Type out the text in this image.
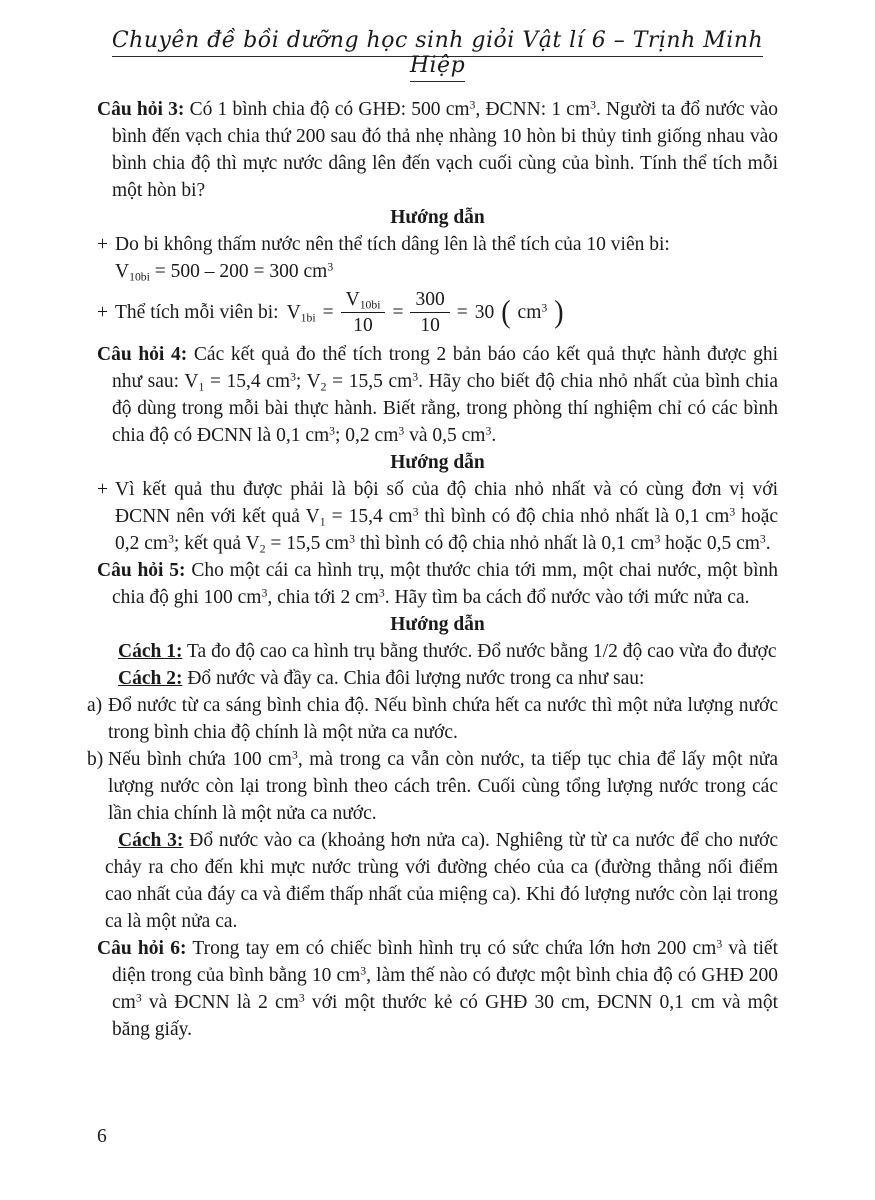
Chuyên đề bồi dưỡng học sinh giỏi Vật lí 6 – Trịnh Minh Hiệp

Câu hỏi 3: Có 1 bình chia độ có GHĐ: 500 $cm^3$, ĐCNN: 1 $cm^3$. Người ta đổ nước vào bình đến vạch chia thứ 200 sau đó thả nhẹ nhàng 10 hòn bi thủy tinh giống nhau vào bình chia độ thì mực nước dâng lên đến vạch cuối cùng của bình. Tính thể tích mỗi một hòn bi?

Hướng dẫn

+ Do bi không thấm nước nên thể tích dâng lên là thể tích của 10 viên bi:

$V_{10bi} = 500 - 200 = 300$ $cm^3$

+ Thể tích mỗi viên bi: $V_{1bi} = \frac{V_{10bi}}{10} = \frac{300}{10} = 30$ ( $cm^3$ )

Câu hỏi 4: Các kết quả đo thể tích trong 2 bản báo cáo kết quả thực hành được ghi như sau: $V_1 = 15,4$ $cm^3$; $V_2 = 15,5$ $cm^3$. Hãy cho biết độ chia nhỏ nhất của bình chia độ dùng trong mỗi bài thực hành. Biết rằng, trong phòng thí nghiệm chỉ có các bình chia độ có ĐCNN là 0,1 $cm^3$; 0,2 $cm^3$ và 0,5 $cm^3$.

Hướng dẫn

+ Vì kết quả thu được phải là bội số của độ chia nhỏ nhất và có cùng đơn vị với ĐCNN nên với kết quả $V_1 = 15,4$ $cm^3$ thì bình có độ chia nhỏ nhất là 0,1 $cm^3$ hoặc 0,2 $cm^3$; kết quả $V_2 = 15,5$ $cm^3$ thì bình có độ chia nhỏ nhất là 0,1 $cm^3$ hoặc 0,5 $cm^3$.

Câu hỏi 5: Cho một cái ca hình trụ, một thước chia tới mm, một chai nước, một bình chia độ ghi 100 $cm^3$, chia tới 2 $cm^3$. Hãy tìm ba cách đổ nước vào tới mức nửa ca.

Hướng dẫn

Cách 1: Ta đo độ cao ca hình trụ bằng thước. Đổ nước bằng 1/2 độ cao vừa đo được

Cách 2: Đổ nước và đầy ca. Chia đôi lượng nước trong ca như sau:

a) Đổ nước từ ca sáng bình chia độ. Nếu bình chứa hết ca nước thì một nửa lượng nước trong bình chia độ chính là một nửa ca nước.

b) Nếu bình chứa 100 $cm^3$, mà trong ca vẫn còn nước, ta tiếp tục chia để lấy một nửa lượng nước còn lại trong bình theo cách trên. Cuối cùng tổng lượng nước trong các lần chia chính là một nửa ca nước.

Cách 3: Đổ nước vào ca (khoảng hơn nửa ca). Nghiêng từ từ ca nước để cho nước chảy ra cho đến khi mực nước trùng với đường chéo của ca (đường thẳng nối điểm cao nhất của đáy ca và điểm thấp nhất của miệng ca). Khi đó lượng nước còn lại trong ca là một nửa ca.

Câu hỏi 6: Trong tay em có chiếc bình hình trụ có sức chứa lớn hơn 200 $cm^3$ và tiết diện trong của bình bằng 10 $cm^3$, làm thế nào có được một bình chia độ có GHĐ 200 $cm^3$ và ĐCNN là 2 $cm^3$ với một thước kẻ có GHĐ 30 cm, ĐCNN 0,1 cm và một băng giấy.

6
